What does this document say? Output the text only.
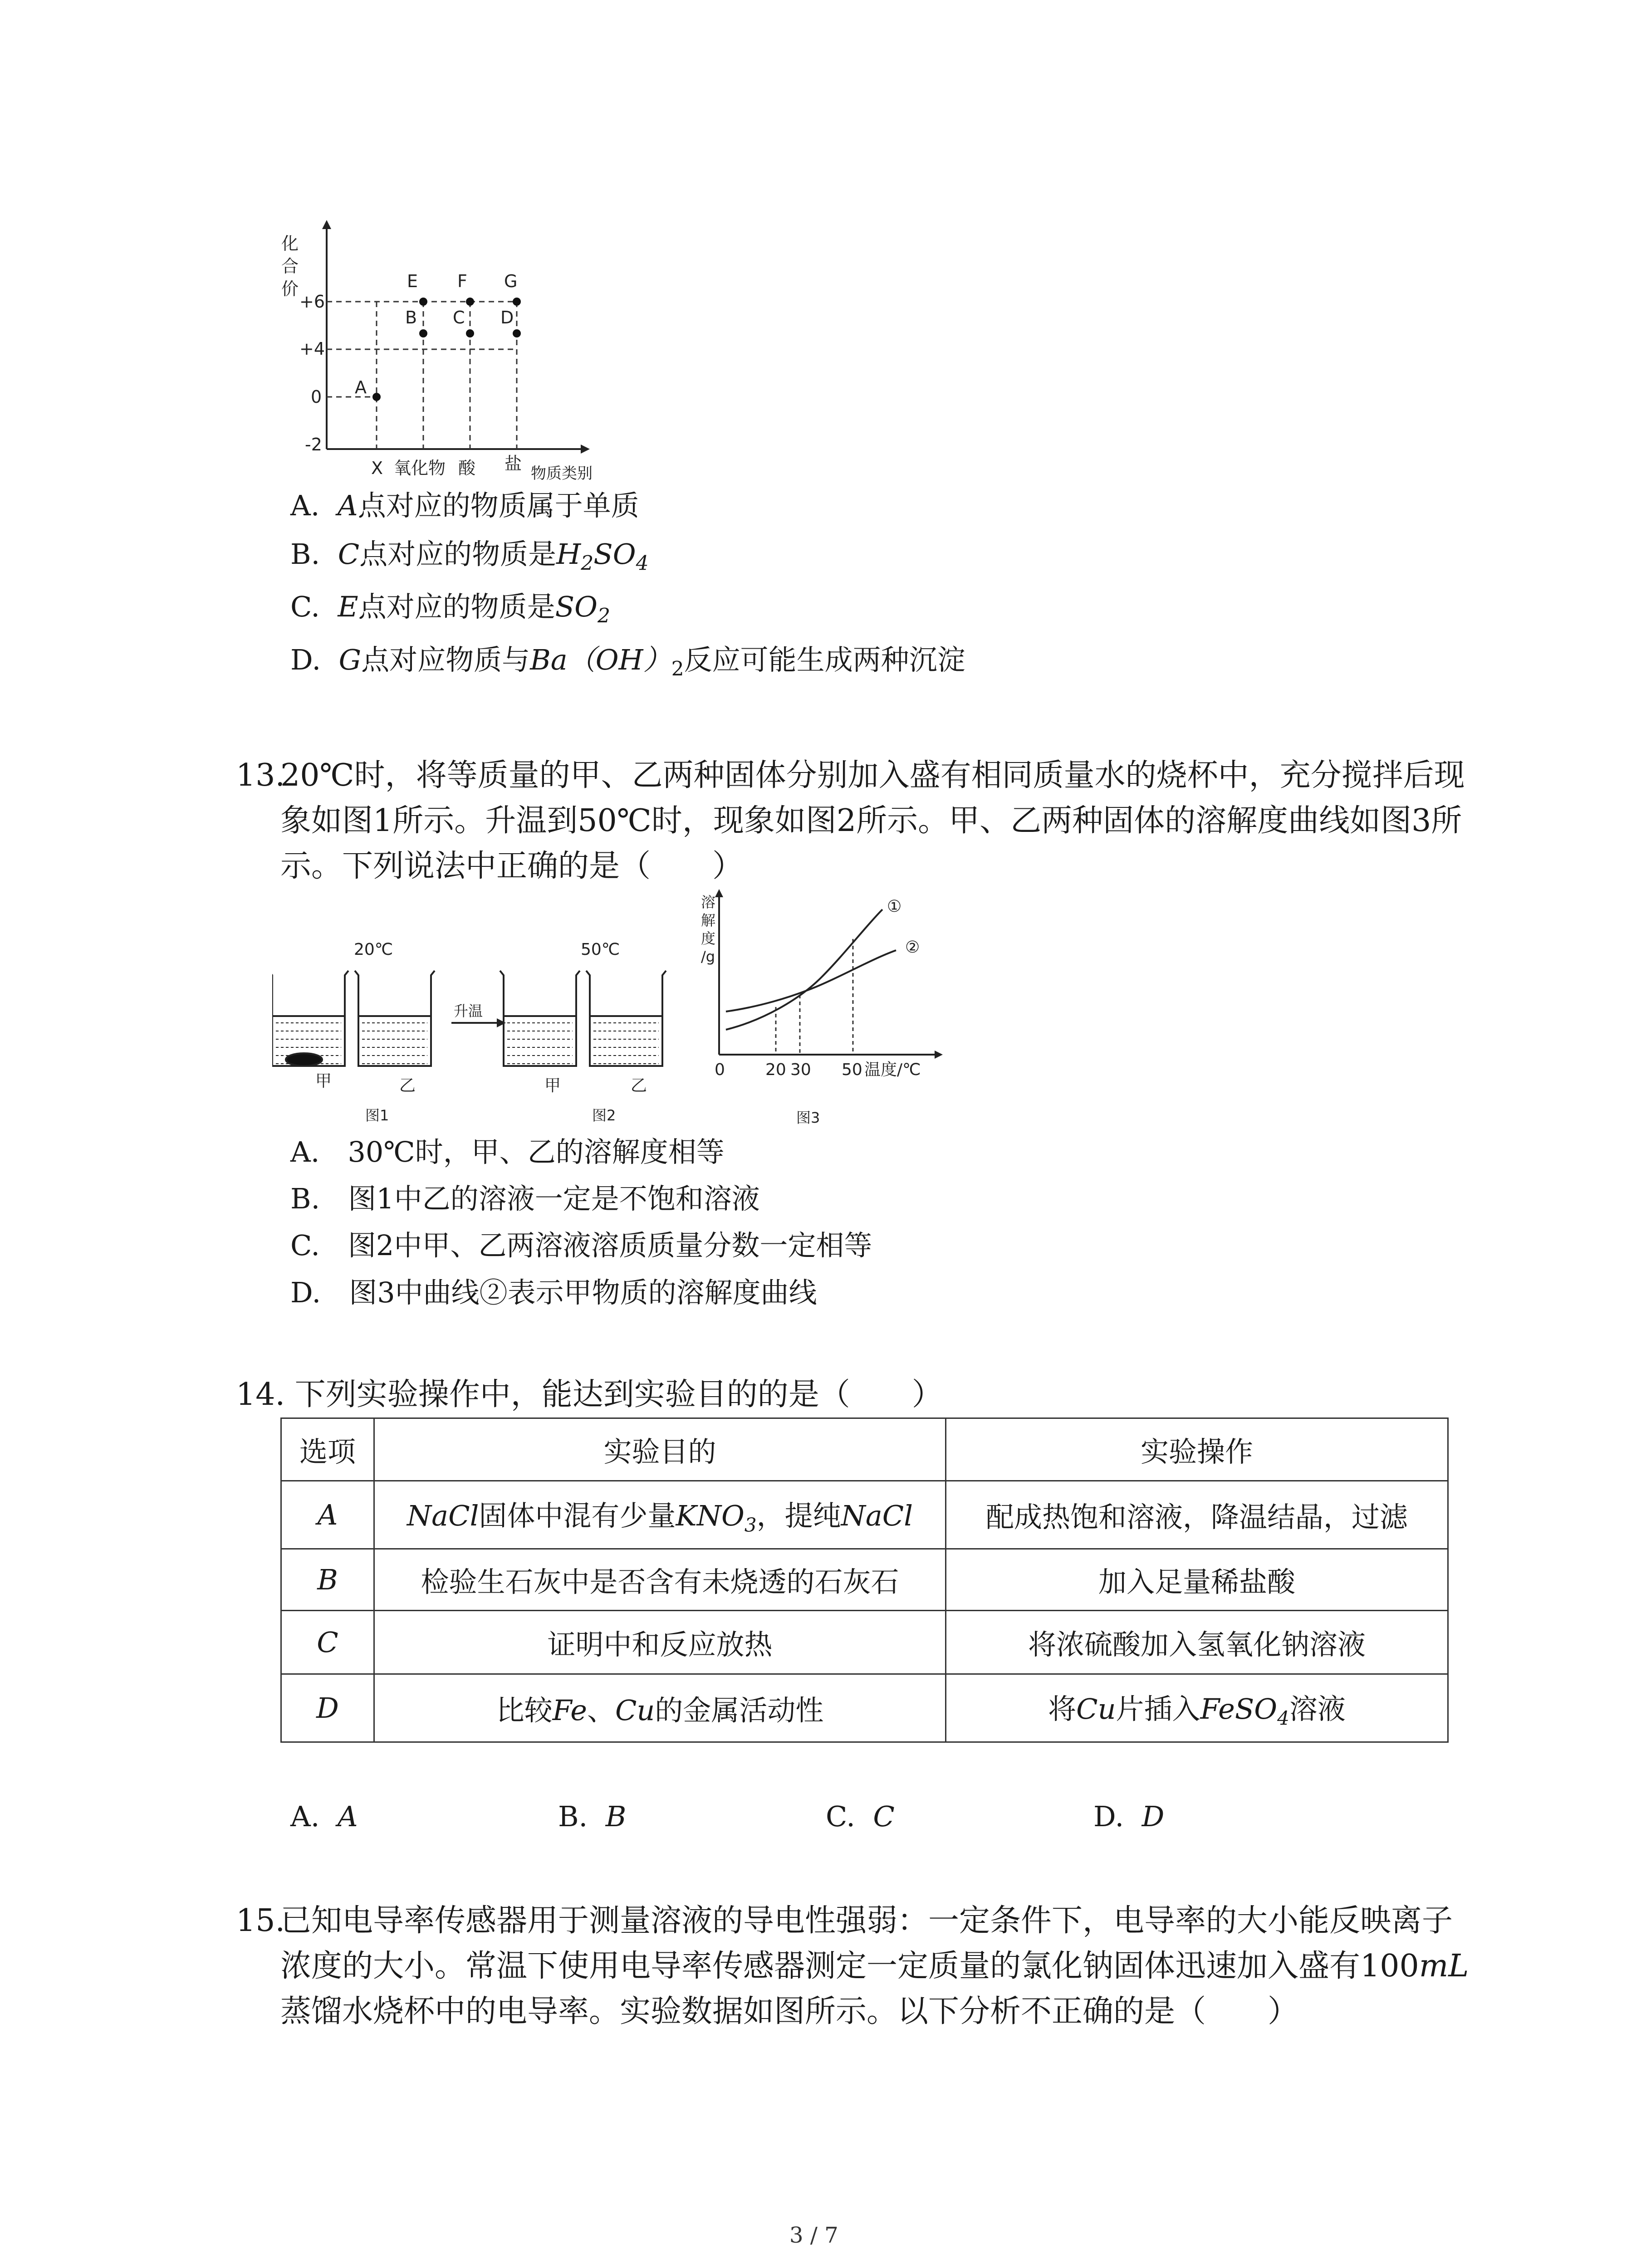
化
合
价
+6
+4
0
-2
X 氧化物 酸 盐 物质类别
A
B C D
E F G
A. A点对应的物质属于单质
B. C点对应的物质是$H_2SO_4$
C. E点对应的物质是$SO_2$
D. G点对应物质与$Ba(OH)_2$反应可能生成两种沉淀
13.
20℃时，将等质量的甲、乙两种固体分别加入盛有相同质量水的烧杯中，充分搅拌后现
象如图1所示。升温到50℃时，现象如图2所示。甲、乙两种固体的溶解度曲线如图3所
示。下列说法中正确的是（　　）
20℃	50℃
升温
甲	乙	甲	乙
图1	图2	图3
溶
解
度
/g
①
②
0 20 30 50 温度/℃
A.　30℃时，甲、乙的溶解度相等
B.　图1中乙的溶液一定是不饱和溶液
C.　图2中甲、乙两溶液溶质质量分数一定相等
D.　图3中曲线②表示甲物质的溶解度曲线
14. 下列实验操作中，能达到实验目的的是（　　）
选项	实验目的	实验操作
A	NaCl固体中混有少量$KNO_3$，提纯NaCl	配成热饱和溶液，降温结晶，过滤
B	检验生石灰中是否含有未烧透的石灰石	加入足量稀盐酸
C	证明中和反应放热	将浓硫酸加入氢氧化钠溶液
D	比较Fe、Cu的金属活动性	将Cu片插入FeSO$_4$溶液
A. A	B. B	C. C	D. D
15.
已知电导率传感器用于测量溶液的导电性强弱：一定条件下，电导率的大小能反映离子
浓度的大小。常温下使用电导率传感器测定一定质量的氯化钠固体迅速加入盛有100mL
蒸馏水烧杯中的电导率。实验数据如图所示。以下分析不正确的是（　　）
3 / 7
